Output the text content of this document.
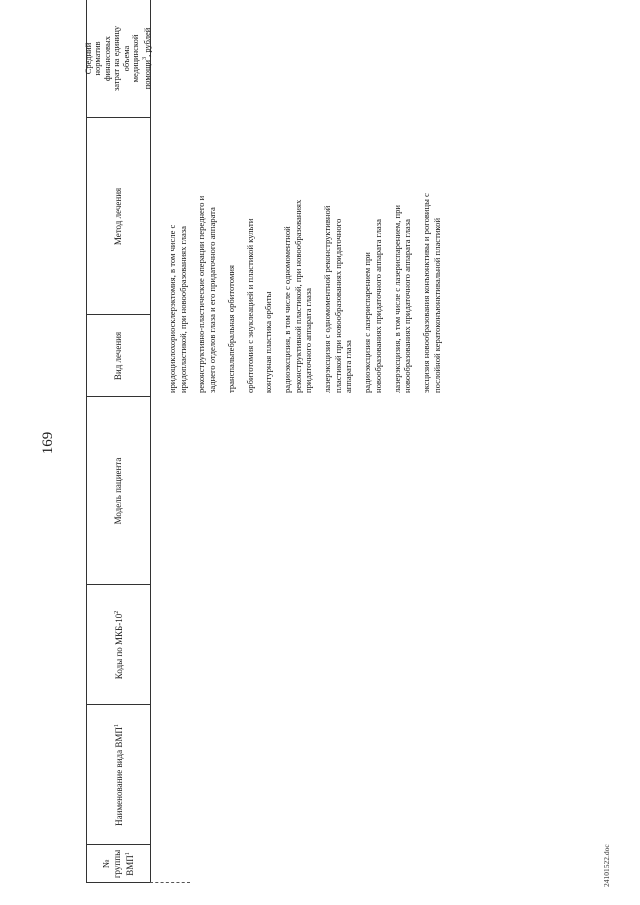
169
№ группы ВМП$^1$
Наименование вида ВМП$^1$
Коды по МКБ-$10^2$
Модель пациента
Вид лечения
Метод лечения
Средний норматив финансовых затрат на единицу объема медицинской помощи$^3$, рублей
иридоциклохориосклерэктомия, в том числе с иридопластикой, при новообразованиях глаза реконструктивно-пластические операции переднего и заднего отделов глаза и его придаточного аппарата транспальпебральная орбитотомия орбитотомия с энуклеацией и пластикой культи контурная пластика орбиты радиоэксцизия, в том числе с одномоментной реконструктивной пластикой, при новообразованиях придаточного аппарата глаза лазерэксцизия с одномоментной реконструктивной пластикой при новообразованиях придаточного аппарата глаза радиоэксцизия с лазериспарением при новообразованиях придаточного аппарата глаза лазерэксцизия, в том числе с лазериспарением, при новообразованиях придаточного аппарата глаза эксцизия новообразования конъюнктивы и роговицы с послойной кератоконъюнктивальной пластикой
24101522.doc
